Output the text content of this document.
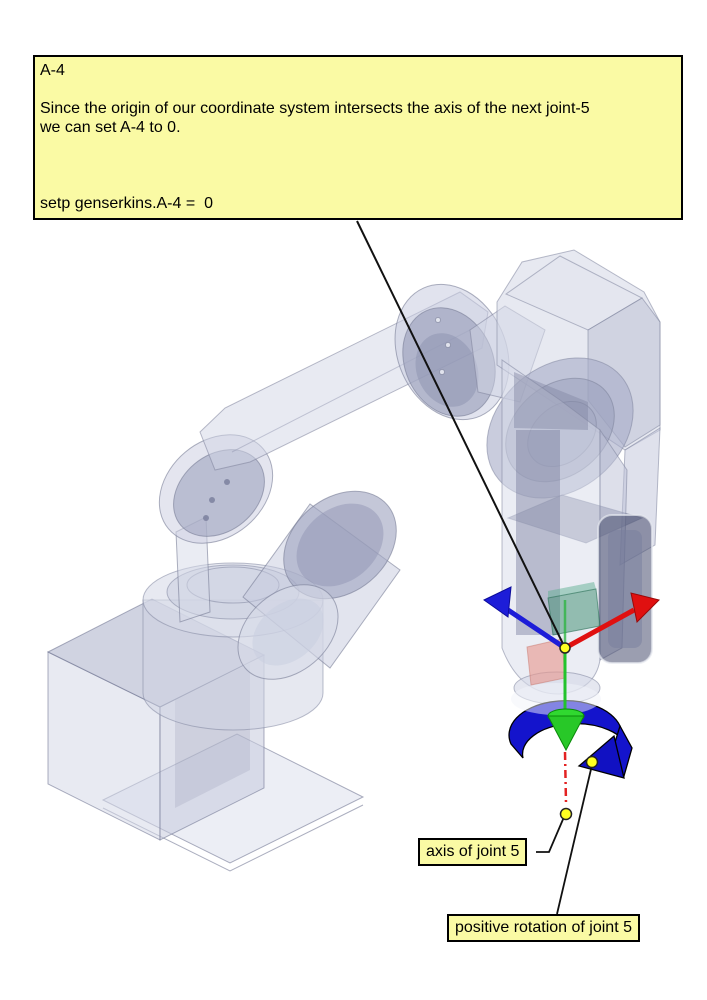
A-4
Since the origin of our coordinate system intersects the axis of the next joint-5
we can set A-4 to 0.
setp genserkins.A-4 =  0
axis of joint 5
positive rotation of joint 5
